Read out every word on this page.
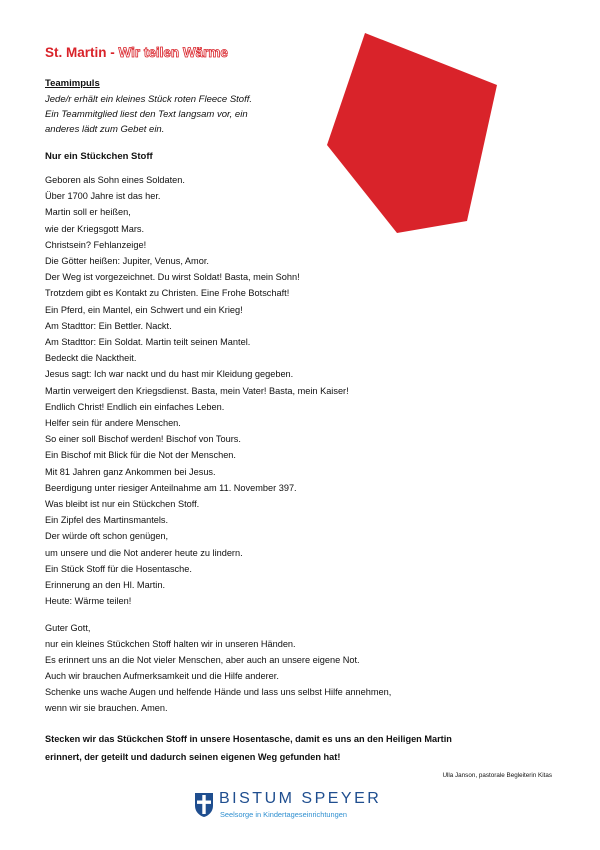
St. Martin - Wir teilen Wärme
Teamimpuls
Jede/r erhält ein kleines Stück roten Fleece Stoff.
Ein Teammitglied liest den Text langsam vor, ein
anderes lädt zum Gebet ein.
Nur ein Stückchen Stoff
Geboren als Sohn eines Soldaten.
Über 1700 Jahre ist das her.
Martin soll er heißen,
wie der Kriegsgott Mars.
Christsein? Fehlanzeige!
Die Götter heißen: Jupiter, Venus, Amor.
Der Weg ist vorgezeichnet. Du wirst Soldat! Basta, mein Sohn!
Trotzdem gibt es Kontakt zu Christen. Eine Frohe Botschaft!
Ein Pferd, ein Mantel, ein Schwert und ein Krieg!
Am Stadttor: Ein Bettler. Nackt.
Am Stadttor: Ein Soldat. Martin teilt seinen Mantel.
Bedeckt die Nacktheit.
Jesus sagt: Ich war nackt und du hast mir Kleidung gegeben.
Martin verweigert den Kriegsdienst. Basta, mein Vater! Basta, mein Kaiser!
Endlich Christ! Endlich ein einfaches Leben.
Helfer sein für andere Menschen.
So einer soll Bischof werden! Bischof von Tours.
Ein Bischof mit Blick für die Not der Menschen.
Mit 81 Jahren ganz Ankommen bei Jesus.
Beerdigung unter riesiger Anteilnahme am 11. November 397.
Was bleibt ist nur ein Stückchen Stoff.
Ein Zipfel des Martinsmantels.
Der würde oft schon genügen,
um unsere und die Not anderer heute zu lindern.
Ein Stück Stoff für die Hosentasche.
Erinnerung an den Hl. Martin.
Heute: Wärme teilen!
Guter Gott,
nur ein kleines Stückchen Stoff halten wir in unseren Händen.
Es erinnert uns an die Not vieler Menschen, aber auch an unsere eigene Not.
Auch wir brauchen Aufmerksamkeit und die Hilfe anderer.
Schenke uns wache Augen und helfende Hände und lass uns selbst Hilfe annehmen,
wenn wir sie brauchen. Amen.
Stecken wir das Stückchen Stoff in unsere Hosentasche, damit es uns an den Heiligen Martin
erinnert, der geteilt und dadurch seinen eigenen Weg gefunden hat!
Ulla Janson, pastorale Begleiterin Kitas
BISTUM SPEYER
Seelsorge in Kindertageseinrichtungen
